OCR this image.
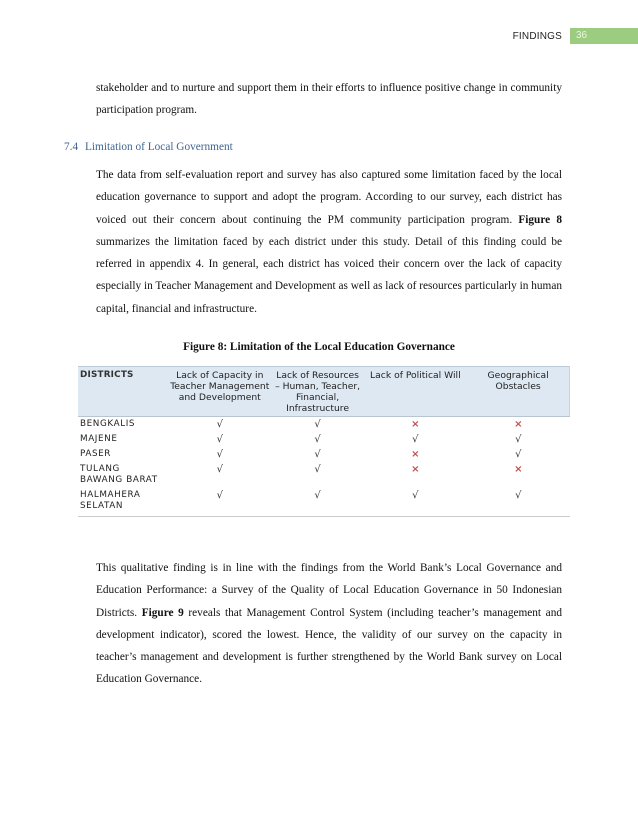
FINDINGS	36

stakeholder and to nurture and support them in their efforts to influence positive change in community participation program.

7.4 Limitation of Local Government

The data from self-evaluation report and survey has also captured some limitation faced by the local education governance to support and adopt the program. According to our survey, each district has voiced out their concern about continuing the PM community participation program. Figure 8 summarizes the limitation faced by each district under this study. Detail of this finding could be referred in appendix 4. In general, each district has voiced their concern over the lack of capacity especially in Teacher Management and Development as well as lack of resources particularly in human capital, financial and infrastructure.

Figure 8: Limitation of the Local Education Governance
DISTRICTS	Lack of Capacity in Teacher Management and Development	Lack of Resources – Human, Teacher, Financial, Infrastructure	Lack of Political Will	Geographical Obstacles
BENGKALIS	√	√	×	×
MAJENE	√	√	√	√
PASER	√	√	×	√
TULANG BAWANG BARAT	√	√	×	×
HALMAHERA SELATAN	√	√	√	√

This qualitative finding is in line with the findings from the World Bank’s Local Governance and Education Performance: a Survey of the Quality of Local Education Governance in 50 Indonesian Districts. Figure 9 reveals that Management Control System (including teacher’s management and development indicator), scored the lowest. Hence, the validity of our survey on the capacity in teacher’s management and development is further strengthened by the World Bank survey on Local Education Governance.
